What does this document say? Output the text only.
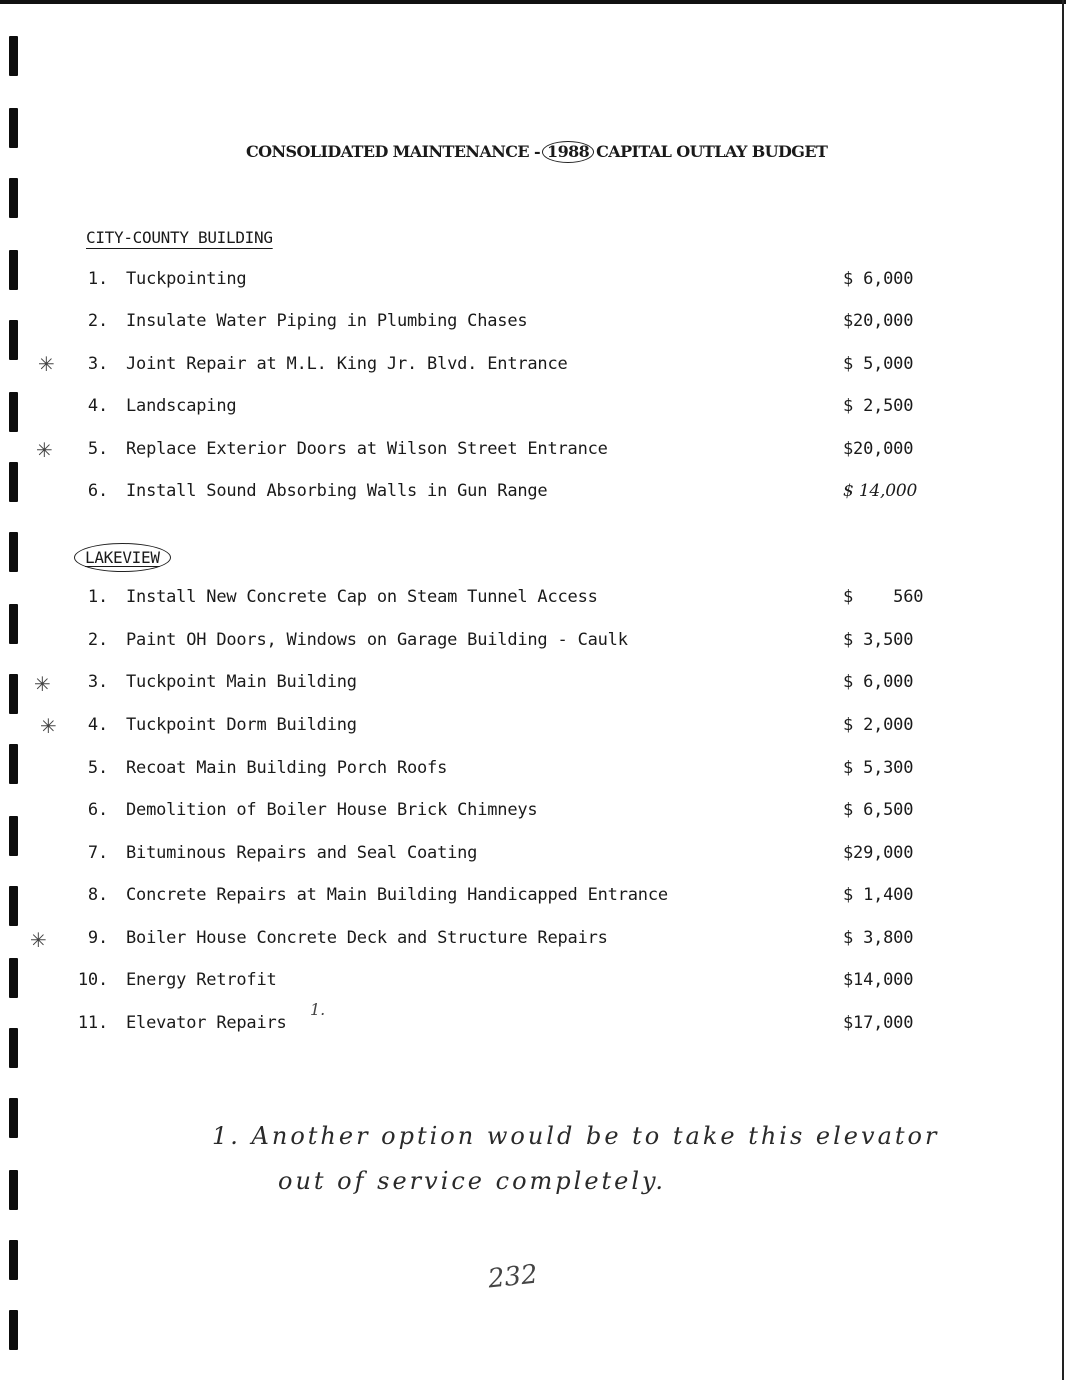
CONSOLIDATED MAINTENANCE - 1988 CAPITAL OUTLAY BUDGET
CITY-COUNTY BUILDING
LAKEVIEW
1. Tuckpointing	$ 6,000
2. Insulate Water Piping in Plumbing Chases	$20,000
3. Joint Repair at M.L. King Jr. Blvd. Entrance	$ 5,000
4. Landscaping	$ 2,500
5. Replace Exterior Doors at Wilson Street Entrance	$20,000
6. Install Sound Absorbing Walls in Gun Range	$ 14,000
1. Install New Concrete Cap on Steam Tunnel Access	$    560
2. Paint OH Doors, Windows on Garage Building - Caulk	$ 3,500
3. Tuckpoint Main Building	$ 6,000
4. Tuckpoint Dorm Building	$ 2,000
5. Recoat Main Building Porch Roofs	$ 5,300
6. Demolition of Boiler House Brick Chimneys	$ 6,500
7. Bituminous Repairs and Seal Coating	$29,000
8. Concrete Repairs at Main Building Handicapped Entrance	$ 1,400
9. Boiler House Concrete Deck and Structure Repairs	$ 3,800
10. Energy Retrofit	$14,000
11. Elevator Repairs	$17,000
1.
✳
✳
✳
✳
✳
1. Another option would be to take this elevator
out of service completely.
232
